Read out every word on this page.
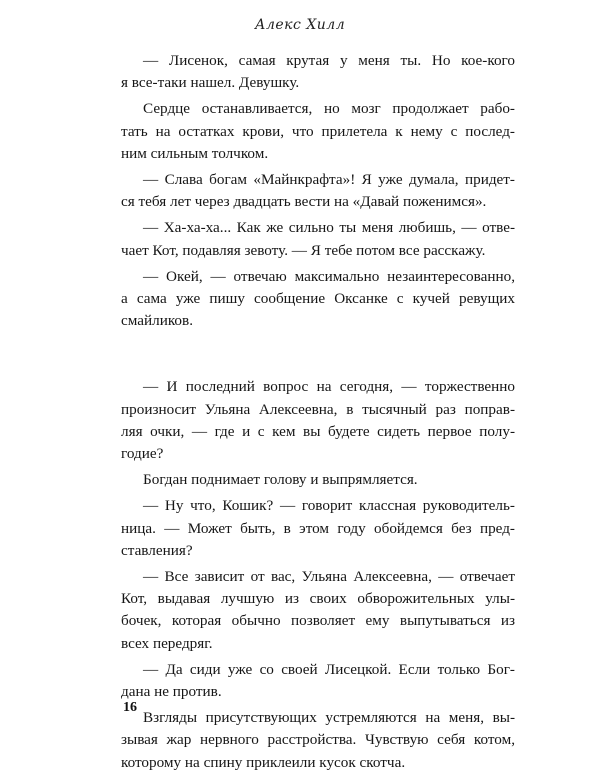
Алекс Хилл
— Лисенок, самая крутая у меня ты. Но кое-кого
я все-таки нашел. Девушку.
Сердце останавливается, но мозг продолжает рабо-
тать на остатках крови, что прилетела к нему с послед-
ним сильным толчком.
— Слава богам «Майнкрафта»! Я уже думала, придет-
ся тебя лет через двадцать вести на «Давай поженимся».
— Ха-ха-ха... Как же сильно ты меня любишь, — отве-
чает Кот, подавляя зевоту. — Я тебе потом все расскажу.
— Окей, — отвечаю максимально незаинтересованно,
а сама уже пишу сообщение Оксанке с кучей ревущих
смайликов.
— И последний вопрос на сегодня, — торжественно
произносит Ульяна Алексеевна, в тысячный раз поправ-
ляя очки, — где и с кем вы будете сидеть первое полу-
годие?
Богдан поднимает голову и выпрямляется.
— Ну что, Кошик? — говорит классная руководитель-
ница. — Может быть, в этом году обойдемся без пред-
ставления?
— Все зависит от вас, Ульяна Алексеевна, — отвечает
Кот, выдавая лучшую из своих обворожительных улы-
бочек, которая обычно позволяет ему выпутываться из
всех передряг.
— Да сиди уже со своей Лисецкой. Если только Бог-
дана не против.
Взгляды присутствующих устремляются на меня, вы-
зывая жар нервного расстройства. Чувствую себя котом,
которому на спину приклеили кусок скотча.
16
